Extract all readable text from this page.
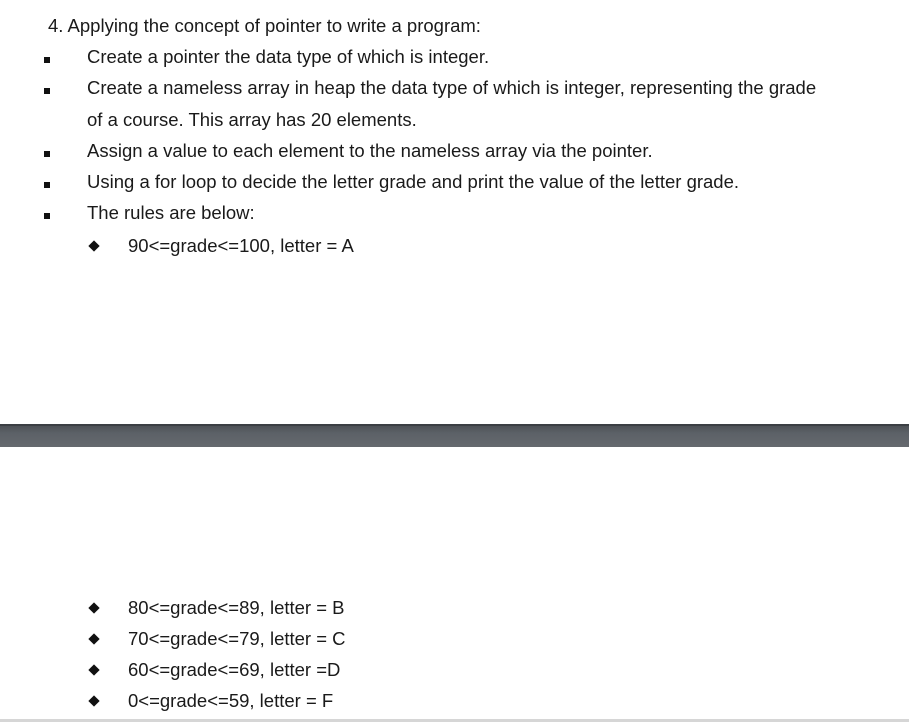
4. Applying the concept of pointer to write a program:
Create a pointer the data type of which is integer.
Create a nameless array in heap the data type of which is integer, representing the grade
of a course. This array has 20 elements.
Assign a value to each element to the nameless array via the pointer.
Using a for loop to decide the letter grade and print the value of the letter grade.
The rules are below:
90<=grade<=100, letter = A
80<=grade<=89, letter = B
70<=grade<=79, letter = C
60<=grade<=69, letter =D
0<=grade<=59, letter = F
